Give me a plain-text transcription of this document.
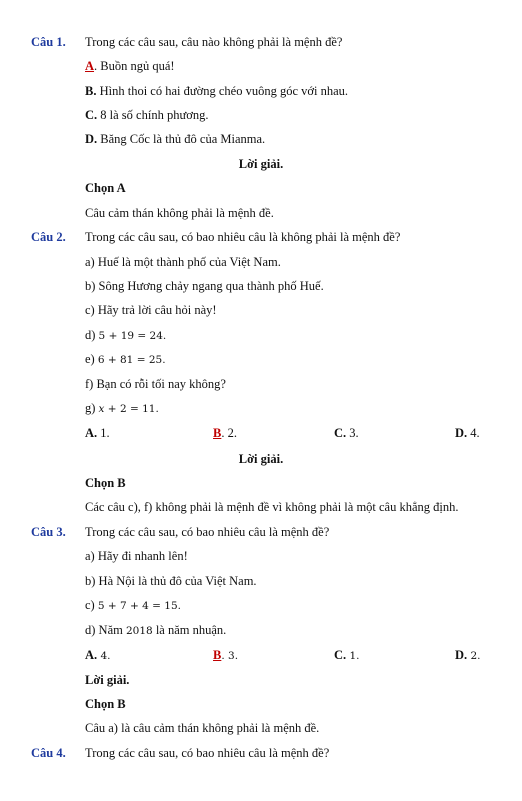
Câu 1. Trong các câu sau, câu nào không phải là mệnh đề?
A. Buồn ngủ quá!
B. Hình thoi có hai đường chéo vuông góc với nhau.
C. 8 là số chính phương.
D. Băng Cốc là thủ đô của Mianma.
Lời giải.
Chọn A
Câu cảm thán không phải là mệnh đề.
Câu 2. Trong các câu sau, có bao nhiêu câu là không phải là mệnh đề?
a) Huế là một thành phố của Việt Nam.
b) Sông Hương chảy ngang qua thành phố Huế.
c) Hãy trả lời câu hỏi này!
d) 5 + 19 = 24.
e) 6 + 81 = 25.
f) Bạn có rỗi tối nay không?
g) x + 2 = 11.
A. 1.	B. 2.	C. 3.	D. 4.
Lời giải.
Chọn B
Các câu c), f) không phải là mệnh đề vì không phải là một câu khẳng định.
Câu 3. Trong các câu sau, có bao nhiêu câu là mệnh đề?
a) Hãy đi nhanh lên!
b) Hà Nội là thủ đô của Việt Nam.
c) 5 + 7 + 4 = 15.
d) Năm 2018 là năm nhuận.
A. 4.	B. 3.	C. 1.	D. 2.
Lời giải.
Chọn B
Câu a) là câu cảm thán không phải là mệnh đề.
Câu 4. Trong các câu sau, có bao nhiêu câu là mệnh đề?
